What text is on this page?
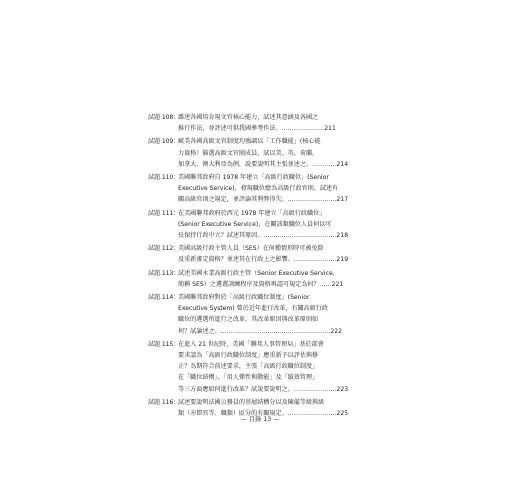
試題 108：
雜述各國培育規文官核心能力，試述其意涵及各國之
推行作法，並評述可供我國參考作法。…………………211
試題 109：
歐美各國高級文官制度均強調以「工作職能」(核心能
力資格）篩選高級文官團成員，試以美、英、荷蘭、
加拿大、澳大利亞為例，說要說明其主張並述之。…………214
試題 110：
美國聯邦政府自 1978 年建立「高級行政職位」(Senior
Executive Service)，發現職位總為高級行政官則，試述有
關高級官則之規定，並評論其利弊得失。……………………217
試題 111：
在美國聯邦政府於西元 1978 年建立「高級行政職位」
(Senior Executive Service)，在關該類職位人員何以可
長保持行政中立？試述其原因。………………………………218
試題 112：
美國高級行政主管人員（SES）在何種情形時可被免除
及重新審定資格？並述其在行政上之影響。…………………219
試題 113：
試述美國永業高級行政主管（Senior Executive Service，
簡稱 SES）之遴選訓練程序及資格再認可規定為何？……221
試題 114：
美國聯邦政府對於「高級行政職位制度」(Senior
Executive System) 曾於近年進行改革，有關高級行政
職位的遴選所進行之改革，其改革原因與改革原則如
何？試論述之。………………………………………………222
試題 115：
在進入 21 世紀時，美國「聯邦人事管理局」基於部會
要求認為「高級行政職位制度」應重新予以評估與修
正？為期符合前述要求，主張「高級行政職位制度」
在「職位結構」、「用人彈性與動能」及「績效管理」
等三方面應如何進行改革？試說要說明之。…………………223
試題 116：
試述要說明法國公務員的基層結構分以及陳備等級與級
類（亦即官等、職類）區分的有關規定。……………………225
— 目錄 13 —
